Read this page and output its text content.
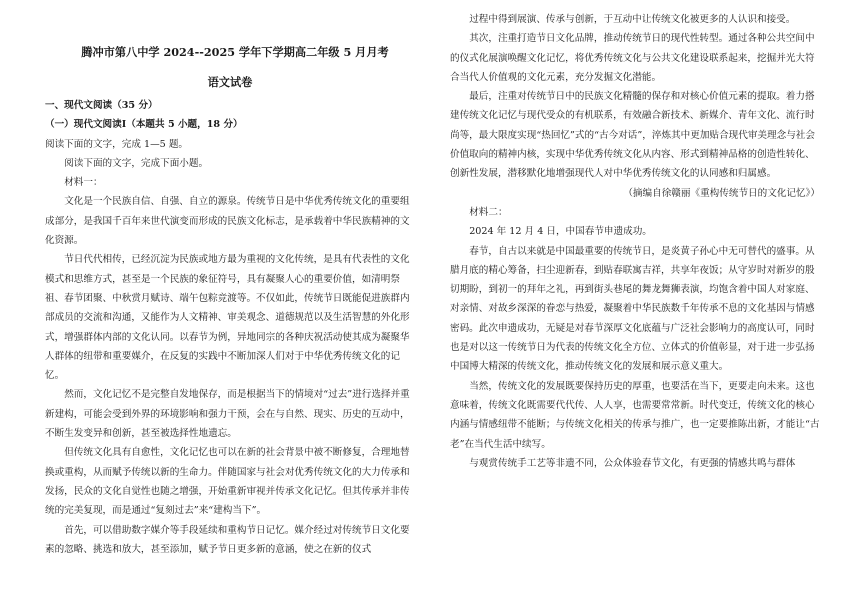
腾冲市第八中学 2024--2025 学年下学期高二年级 5 月月考
语文试卷

一、现代文阅读（35 分）

（一）现代文阅读Ⅰ（本题共 5 小题，18 分）

阅读下面的文字，完成 1—5 题。

阅读下面的文字，完成下面小题。

材料一：

文化是一个民族自信、自强、自立的源泉。传统节日是中华优秀传统文化的重要组成部分，是我国千百年来世代演变而形成的民族文化标志，是承载着中华民族精神的文化资源。

节日代代相传，已经沉淀为民族或地方最为重视的文化传统，是具有代表性的文化模式和思维方式，甚至是一个民族的象征符号，具有凝聚人心的重要价值，如清明祭祖、春节团聚、中秋赏月赋诗、端午包粽竞渡等。不仅如此，传统节日既能促进族群内部成员的交流和沟通，又能作为人文精神、审美观念、道德规范以及生活智慧的外化形式，增强群体内部的文化认同。以春节为例，异地同宗的各种庆祝活动使其成为凝聚华人群体的纽带和重要媒介，在反复的实践中不断加深人们对于中华优秀传统文化的记忆。

然而，文化记忆不是完整自发地保存，而是根据当下的情境对“过去”进行选择并重新建构，可能会受到外界的环境影响和强力干预，会在与自然、现实、历史的互动中，不断生发变异和创新，甚至被选择性地遗忘。

但传统文化具有自愈性，文化记忆也可以在新的社会背景中被不断修复，合理地替换或重构，从而赋予传统以新的生命力。伴随国家与社会对优秀传统文化的大力传承和发扬，民众的文化自觉性也随之增强，开始重新审视并传承文化记忆。但其传承并非传统的完美复现，而是通过“复刻过去”来“建构当下”。

首先，可以借助数字媒介等手段延续和重构节日记忆。媒介经过对传统节日文化要素的忽略、挑选和放大，甚至添加，赋予节日更多新的意涵，使之在新的仪式

过程中得到展演、传承与创新，于互动中让传统文化被更多的人认识和接受。

其次，注重打造节日文化品牌，推动传统节日的现代性转型。通过各种公共空间中的仪式化展演唤醒文化记忆，将优秀传统文化与公共文化建设联系起来，挖掘并光大符合当代人价值观的文化元素，充分发掘文化潜能。

最后，注重对传统节日中的民族文化精髓的保存和对核心价值元素的提取。着力搭建传统文化记忆与现代受众的有机联系，有效融合新技术、新媒介、青年文化、流行时尚等，最大限度实现“热回忆”式的“古今对话”，淬炼其中更加贴合现代审美理念与社会价值取向的精神内核，实现中华优秀传统文化从内容、形式到精神品格的创造性转化、创新性发展，潜移默化地增强现代人对中华优秀传统文化的认同感和归属感。

（摘编自徐赣丽《重构传统节日的文化记忆》）

材料二：

2024 年 12 月 4 日，中国春节申遗成功。

春节，自古以来就是中国最重要的传统节日，是炎黄子孙心中无可替代的盛事。从腊月底的精心筹备，扫尘迎新春，到贴春联寓吉祥，共享年夜饭；从守岁时对新岁的殷切期盼，到初一的拜年之礼，再到街头巷尾的舞龙舞狮表演，均饱含着中国人对家庭、对亲情、对故乡深深的眷恋与热爱，凝聚着中华民族数千年传承不息的文化基因与情感密码。此次申遗成功，无疑是对春节深厚文化底蕴与广泛社会影响力的高度认可，同时也是对以这一传统节日为代表的传统文化全方位、立体式的价值彰显，对于进一步弘扬中国博大精深的传统文化，推动传统文化的发展和展示意义重大。

当然，传统文化的发展既要保持历史的厚重，也要活在当下，更要走向未来。这也意味着，传统文化既需要代代传、人人享，也需要常常新。时代变迁，传统文化的核心内涵与情感纽带不能断；与传统文化相关的传承与推广，也一定要推陈出新，才能让“古老”在当代生活中续写。

与观赏传统手工艺等非遗不同，公众体验春节文化，有更强的情感共鸣与群体
